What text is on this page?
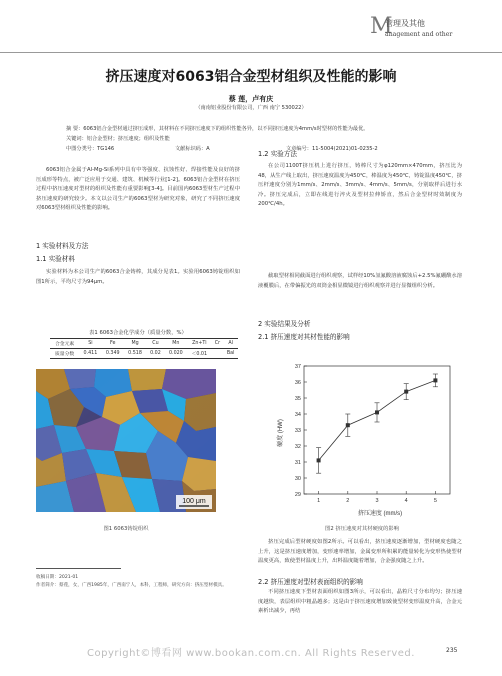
M
管理及其他
anagement and other
挤压速度对6063铝合金型材组织及性能的影响
蔡 莲，卢有庆
（南南铝业股份有限公司，广西 南宁 530022）
摘 要：6063铝合金型材通过挤压成形，其材料在不同挤压速度下的组织性能各异，以不同挤压速度为4mm/s时型材的性能为最优。
关键词：铝合金型材；挤压速度；组织及性能
中图分类号：TG146	文献标识码：A	文章编号：11-5004(2021)01-0235-2
6063铝合金属于Al-Mg-Si系列中具有中等强度、抗蚀性好、焊接性能及良好的挤压成形等特点，被广泛应用于交通、建筑、机械等行业[1-2]。6063铝合金型材在挤压过程中挤压速度对型材的组织及性能有重要影响[3-4]。目前国内6063型材生产过程中挤压速度的研究较少。本文以公司生产的6063型材为研究对象，研究了不同挤压速度对6063型材组织及性能的影响。
1 实验材料及方法
1.1 实验材料
实验材料为本公司生产的6063合金铸棒，其成分见表1。实验用6063铸锭组织如图1所示，平均尺寸为94μm。
表1 6063合金化学成分（质量分数，%）
合金元素	Si	Fe	Mg	Cu	Mn	Zn+Ti	Cr	Al
质量分数	0.411	0.349	0.518	0.02	0.020	＜0.01		Bal
100 μm
图1 6063铸锭组织
收稿日期：2021-01
作者简介：蔡莲，女，广西1985年，广西南宁人，本科，工程师，研究方向：挤压型材模具。
1.2 实验方法
在公司1100T挤压机上进行挤压，铸棒尺寸为φ120mm×470mm，挤压比为48，从生产线上取出，挤压速度温度为450℃，棒温度为450℃，铸锭温度450℃，挤压杆速度分别为1mm/s、2mm/s、3mm/s、4mm/s、5mm/s，分别取样后进行水冷。挤压完成后，立即在线进行淬火及型材拉伸矫直，然后合金型材时效制度为200℃/4h。
截取型材相同截面进行组织观察，试样经10%氢氟酸溶液腐蚀后+2.5%氟硼酸水溶液覆膜后，在带偏振光的双筒金相显微镜进行组织观察并进行显微组织分析。
2 实验结果及分析
2.1 挤压速度对其材性能的影响
29
30
31
32
33
34
35
36
37
1	2	3	4	5
挤压速度 (mm/s)
硬度 (HW)
图2 挤压速度对其材硬度的影响
挤压完成后型材硬度如图2所示。可以看出，挤压速度逐渐增加，型材硬度也随之上升，这是挤压速度增加，变形速率增加，金属变形所积累的能量转化为变形热使型材温度更高，致使型材温度上升，出料温度随着增加，合金强度随之上升。
2.2 挤压速度对型材表面组织的影响
不同挤压速度下型材表面组织如图3所示，可以看出，晶粒尺寸分布均匀；挤压速度越快，表层组织中粗晶越多；这是由于挤压速度增加致使型材变形温度升高，合金元素析出减少，再结
Copyright©博看网 www.bookan.com.cn. All Rights Reserved.	235
